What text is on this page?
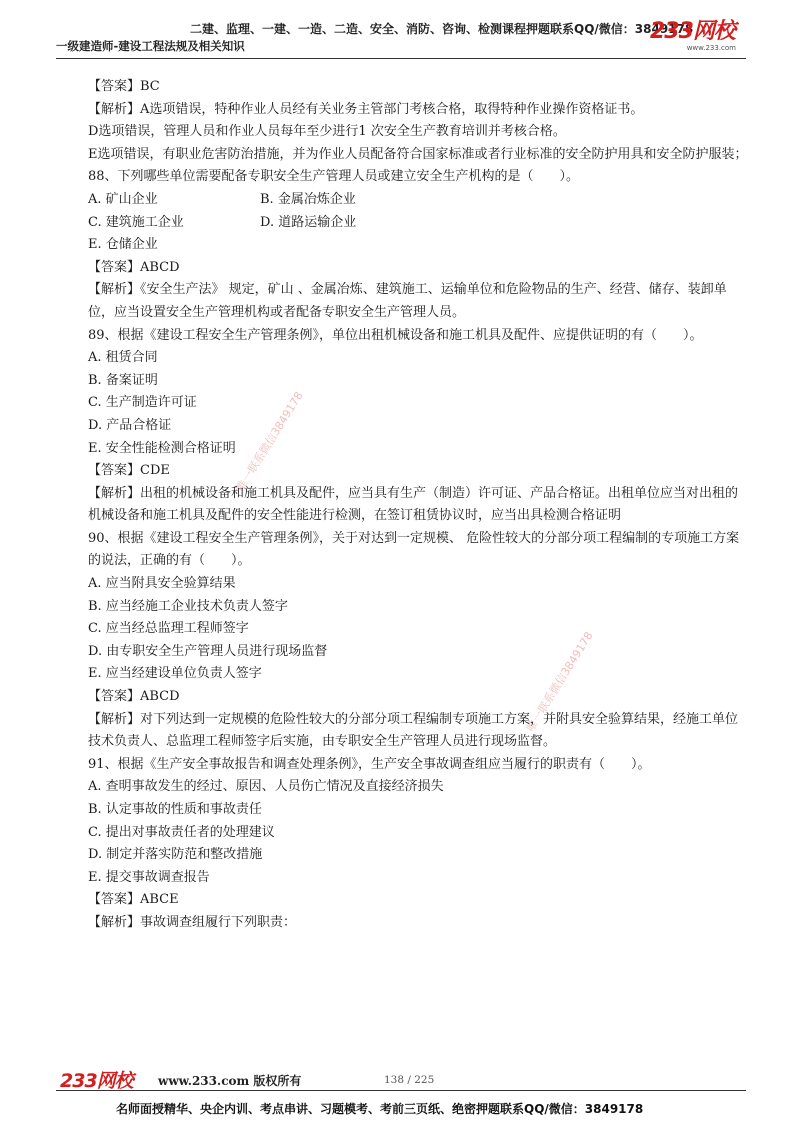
二建、监理、一建、一造、二造、安全、消防、咨询、检测课程押题联系QQ/微信：3849178
一级建造师-建设工程法规及相关知识
233网校
www.233.com
唯一联系微信3849178
唯一联系微信3849178

【答案】BC

【解析】A选项错误，特种作业人员经有关业务主管部门考核合格，取得特种作业操作资格证书。

D选项错误，管理人员和作业人员每年至少进行1 次安全生产教育培训并考核合格。

E选项错误，有职业危害防治措施，并为作业人员配备符合国家标准或者行业标准的安全防护用具和安全防护服装；

88、下列哪些单位需要配备专职安全生产管理人员或建立安全生产机构的是（　　）。

A. 矿山企业	B. 金属冶炼企业
C. 建筑施工企业	D. 道路运输企业

E. 仓储企业

【答案】ABCD

【解析】《安全生产法》 规定，矿山 、金属冶炼、建筑施工、运输单位和危险物品的生产、经营、储存、装卸单位，应当设置安全生产管理机构或者配备专职安全生产管理人员。

89、根据《建设工程安全生产管理条例》，单位出租机械设备和施工机具及配件、应提供证明的有（　　）。

A. 租赁合同

B. 备案证明

C. 生产制造许可证

D. 产品合格证

E. 安全性能检测合格证明

【答案】CDE

【解析】出租的机械设备和施工机具及配件，应当具有生产（制造）许可证、产品合格证。出租单位应当对出租的机械设备和施工机具及配件的安全性能进行检测，在签订租赁协议时，应当出具检测合格证明

90、根据《建设工程安全生产管理条例》，关于对达到一定规模、 危险性较大的分部分项工程编制的专项施工方案的说法，正确的有（　　）。

A. 应当附具安全验算结果

B. 应当经施工企业技术负责人签字

C. 应当经总监理工程师签字

D. 由专职安全生产管理人员进行现场监督

E. 应当经建设单位负责人签字

【答案】ABCD

【解析】对下列达到一定规模的危险性较大的分部分项工程编制专项施工方案，并附具安全验算结果，经施工单位技术负责人、总监理工程师签字后实施，由专职安全生产管理人员进行现场监督。

91、根据《生产安全事故报告和调查处理条例》，生产安全事故调查组应当履行的职责有（　　）。

A. 查明事故发生的经过、原因、人员伤亡情况及直接经济损失

B. 认定事故的性质和事故责任

C. 提出对事故责任者的处理建议

D. 制定并落实防范和整改措施

E. 提交事故调查报告

【答案】ABCE

【解析】事故调查组履行下列职责：

233网校 www.233.com 版权所有	138 / 225
名师面授精华、央企内训、考点串讲、习题模考、考前三页纸、绝密押题联系QQ/微信：3849178
